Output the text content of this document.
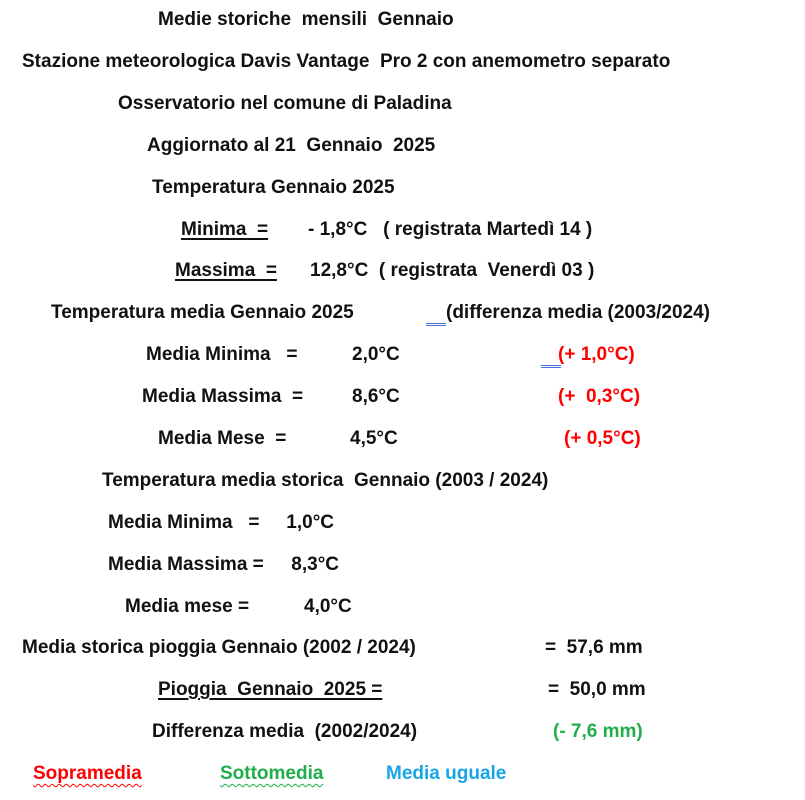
Medie storiche  mensili  Gennaio
Stazione meteorologica Davis Vantage  Pro 2 con anemometro separato
Osservatorio nel comune di Paladina
Aggiornato al 21  Gennaio  2025
Temperatura Gennaio 2025
Minima  = - 1,8°C   ( registrata Martedì 14 )
Massima  = 12,8°C  ( registrata  Venerdì 03 )
Temperatura media Gennaio 2025	(differenza media (2003/2024)
Media Minima   =	2,0°C	(+ 1,0°C)
Media Massima  =	8,6°C	(+  0,3°C)
Media Mese  =	4,5°C	(+ 0,5°C)
Temperatura media storica  Gennaio (2003 / 2024)
Media Minima   = 1,0°C
Media Massima = 8,3°C
Media mese =	4,0°C
Media storica pioggia Gennaio (2002 / 2024)	=  57,6 mm
Pioggia  Gennaio  2025 =	=  50,0 mm
Differenza media  (2002/2024)	(- 7,6 mm)
Sopramedia	Sottomedia	Media uguale
